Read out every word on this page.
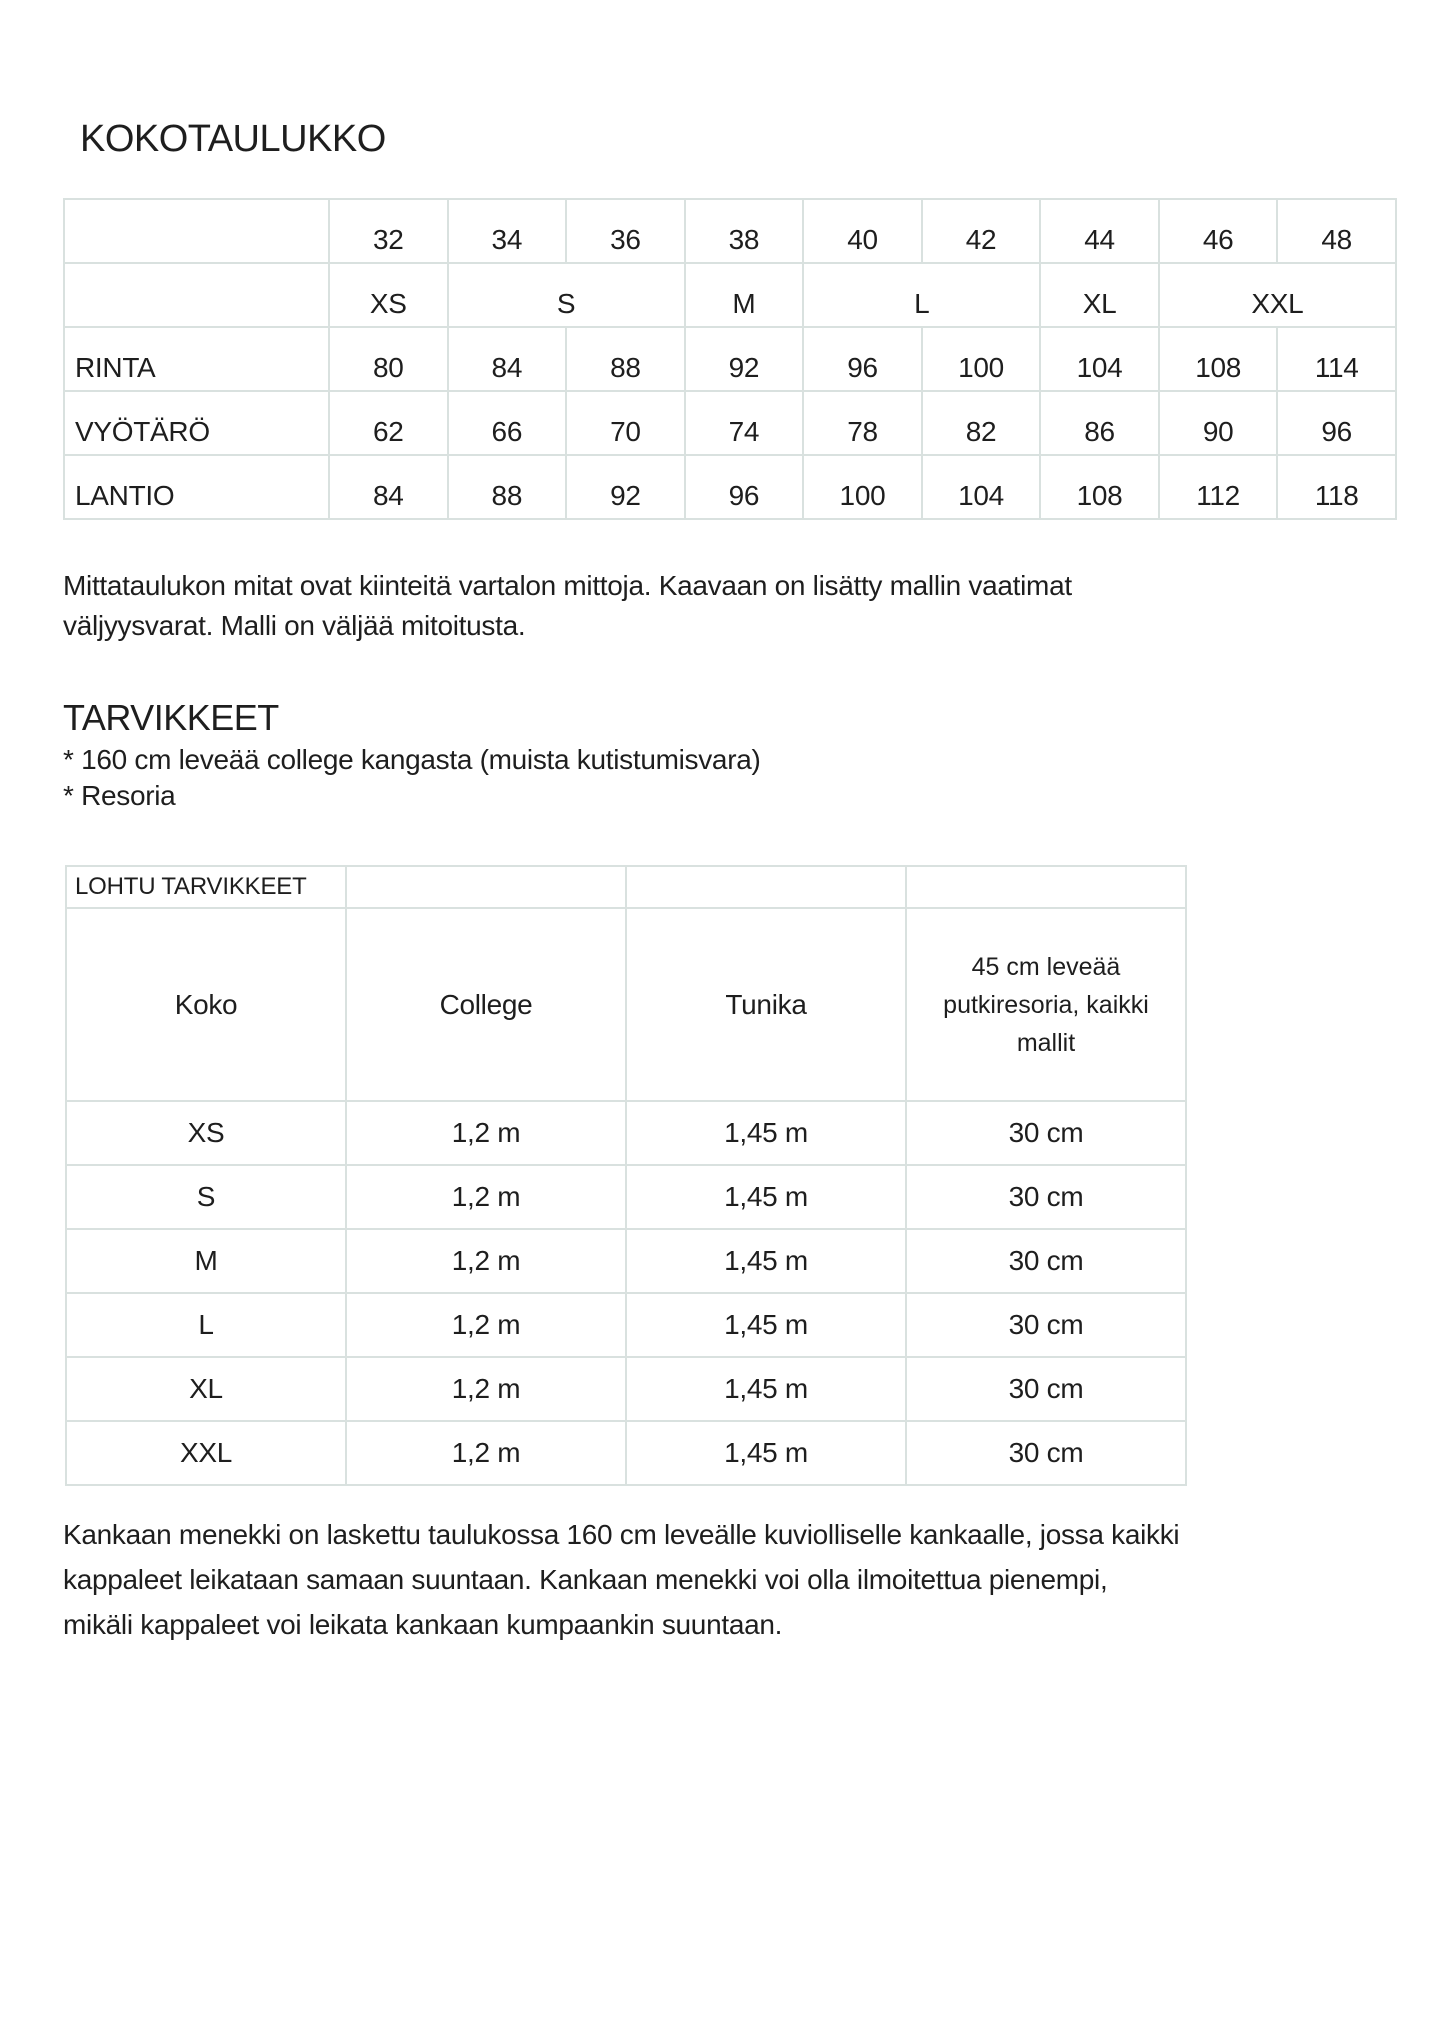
KOKOTAULUKKO
	32	34	36	38	40	42	44	46	48
	XS	S		M	L		XL	XXL	
RINTA	80	84	88	92	96	100	104	108	114
VYÖTÄRÖ	62	66	70	74	78	82	86	90	96
LANTIO	84	88	92	96	100	104	108	112	118
Mittataulukon mitat ovat kiinteitä vartalon mittoja. Kaavaan on lisätty mallin vaatimat
väljyysvarat. Malli on väljää mitoitusta.
TARVIKKEET
* 160 cm leveää college kangasta (muista kutistumisvara)
* Resoria
LOHTU TARVIKKEET			
Koko	College	Tunika	45 cm leveää putkiresoria, kaikki mallit
XS	1,2 m	1,45 m	30 cm
S	1,2 m	1,45 m	30 cm
M	1,2 m	1,45 m	30 cm
L	1,2 m	1,45 m	30 cm
XL	1,2 m	1,45 m	30 cm
XXL	1,2 m	1,45 m	30 cm
Kankaan menekki on laskettu taulukossa 160 cm leveälle kuviolliselle kankaalle, jossa kaikki
kappaleet leikataan samaan suuntaan. Kankaan menekki voi olla ilmoitettua pienempi,
mikäli kappaleet voi leikata kankaan kumpaankin suuntaan.
